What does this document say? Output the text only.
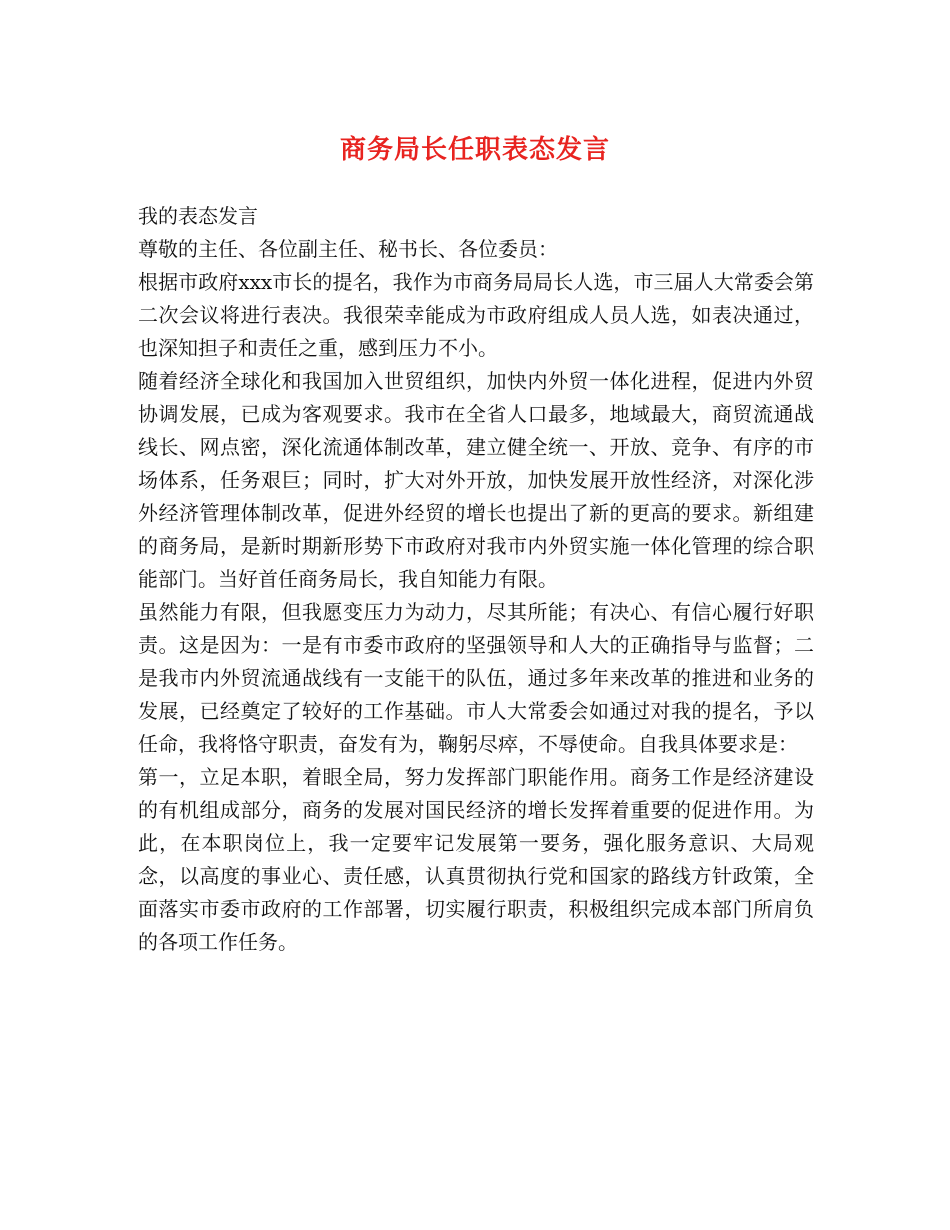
商务局长任职表态发言

我的表态发言

尊敬的主任、各位副主任、秘书长、各位委员：

根据市政府xxx市长的提名，我作为市商务局局长人选，市三届人大常委会第二次会议将进行表决。我很荣幸能成为市政府组成人员人选，如表决通过，也深知担子和责任之重，感到压力不小。

随着经济全球化和我国加入世贸组织，加快内外贸一体化进程，促进内外贸协调发展，已成为客观要求。我市在全省人口最多，地域最大，商贸流通战线长、网点密，深化流通体制改革，建立健全统一、开放、竞争、有序的市场体系，任务艰巨；同时，扩大对外开放，加快发展开放性经济，对深化涉外经济管理体制改革，促进外经贸的增长也提出了新的更高的要求。新组建的商务局，是新时期新形势下市政府对我市内外贸实施一体化管理的综合职能部门。当好首任商务局长，我自知能力有限。

虽然能力有限，但我愿变压力为动力，尽其所能；有决心、有信心履行好职责。这是因为：一是有市委市政府的坚强领导和人大的正确指导与监督；二是我市内外贸流通战线有一支能干的队伍，通过多年来改革的推进和业务的发展，已经奠定了较好的工作基础。市人大常委会如通过对我的提名，予以任命，我将恪守职责，奋发有为，鞠躬尽瘁，不辱使命。自我具体要求是：

第一，立足本职，着眼全局，努力发挥部门职能作用。商务工作是经济建设的有机组成部分，商务的发展对国民经济的增长发挥着重要的促进作用。为此，在本职岗位上，我一定要牢记发展第一要务，强化服务意识、大局观念，以高度的事业心、责任感，认真贯彻执行党和国家的路线方针政策，全面落实市委市政府的工作部署，切实履行职责，积极组织完成本部门所肩负的各项工作任务。
